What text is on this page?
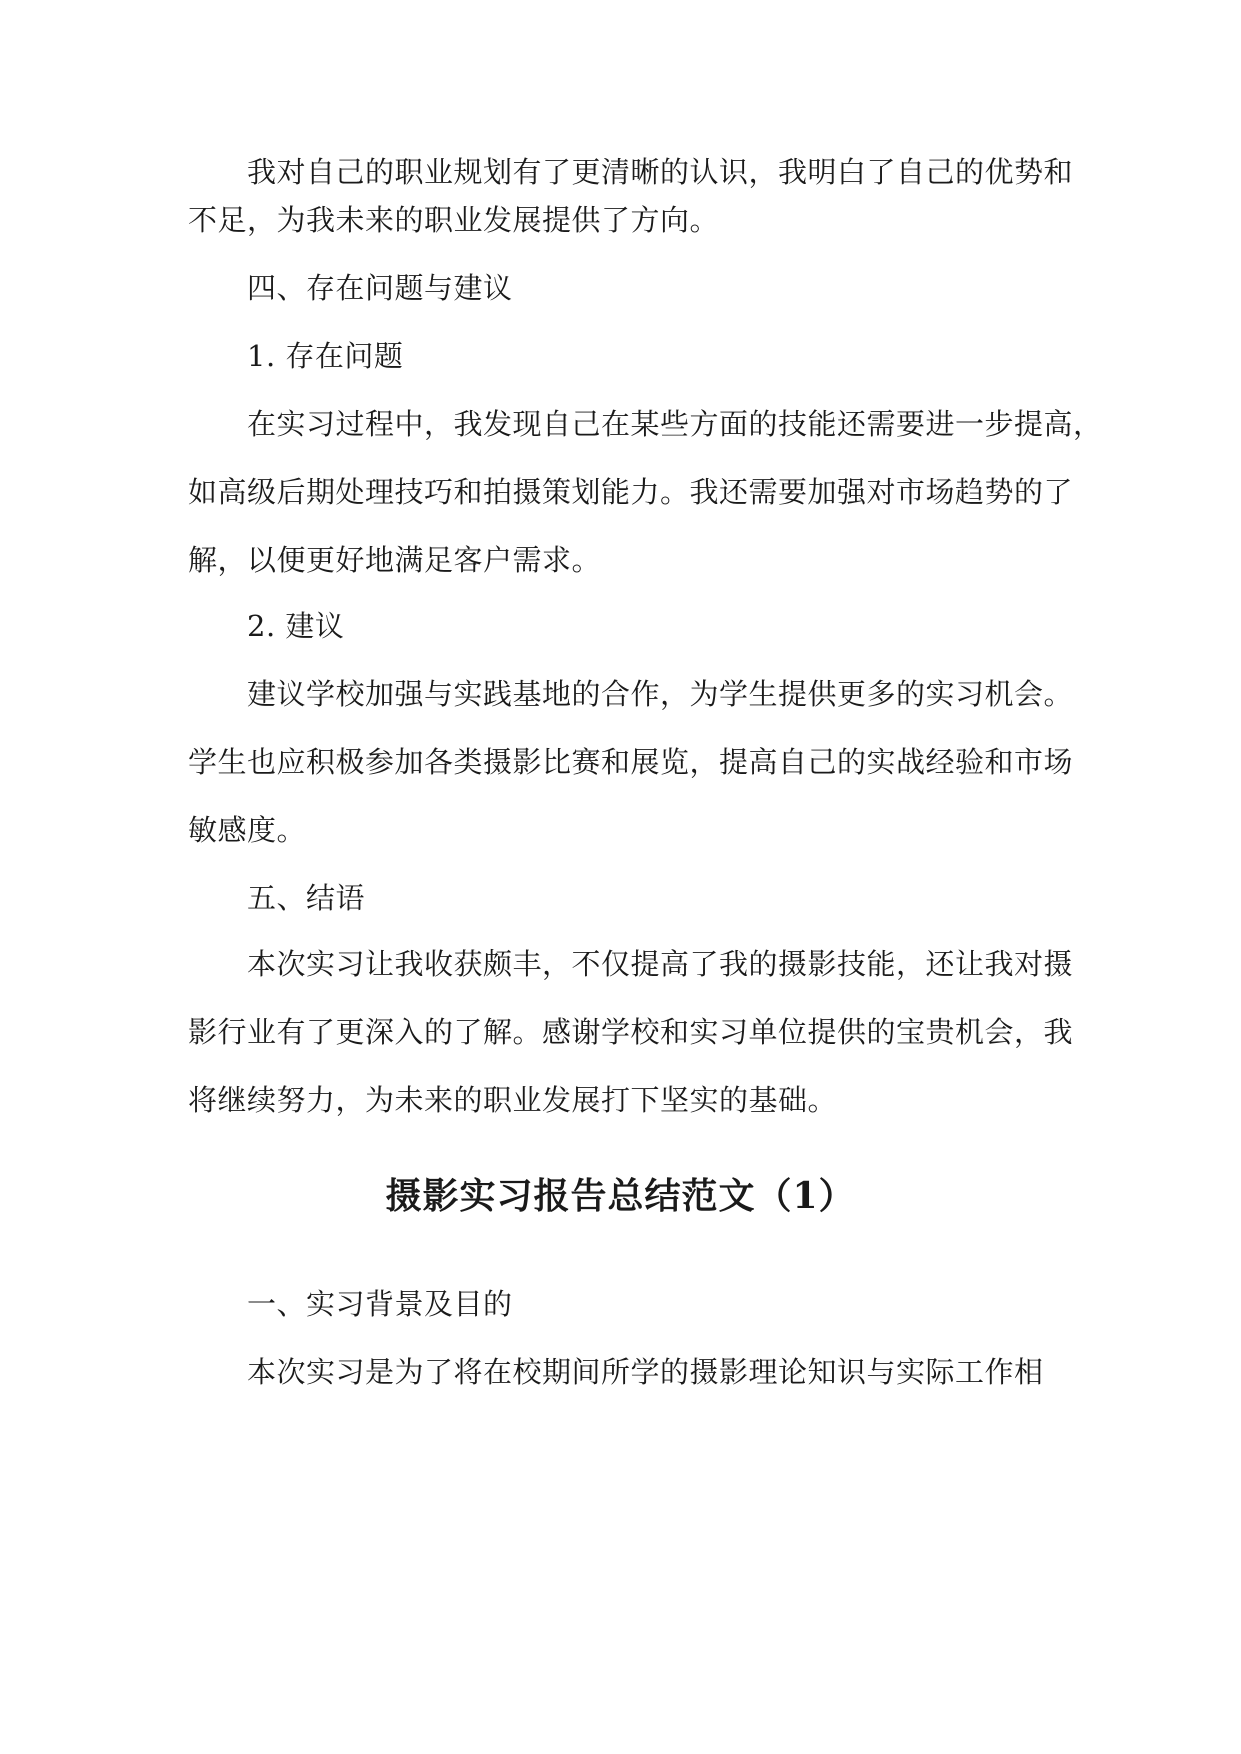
我对自己的职业规划有了更清晰的认识，我明白了自己的优势和
不足，为我未来的职业发展提供了方向。
四、存在问题与建议
1. 存在问题
在实习过程中，我发现自己在某些方面的技能还需要进一步提高，
如高级后期处理技巧和拍摄策划能力。我还需要加强对市场趋势的了
解，以便更好地满足客户需求。
2. 建议
建议学校加强与实践基地的合作，为学生提供更多的实习机会。
学生也应积极参加各类摄影比赛和展览，提高自己的实战经验和市场
敏感度。
五、结语
本次实习让我收获颇丰，不仅提高了我的摄影技能，还让我对摄
影行业有了更深入的了解。感谢学校和实习单位提供的宝贵机会，我
将继续努力，为未来的职业发展打下坚实的基础。
摄影实习报告总结范文（1）
一、实习背景及目的
本次实习是为了将在校期间所学的摄影理论知识与实际工作相
